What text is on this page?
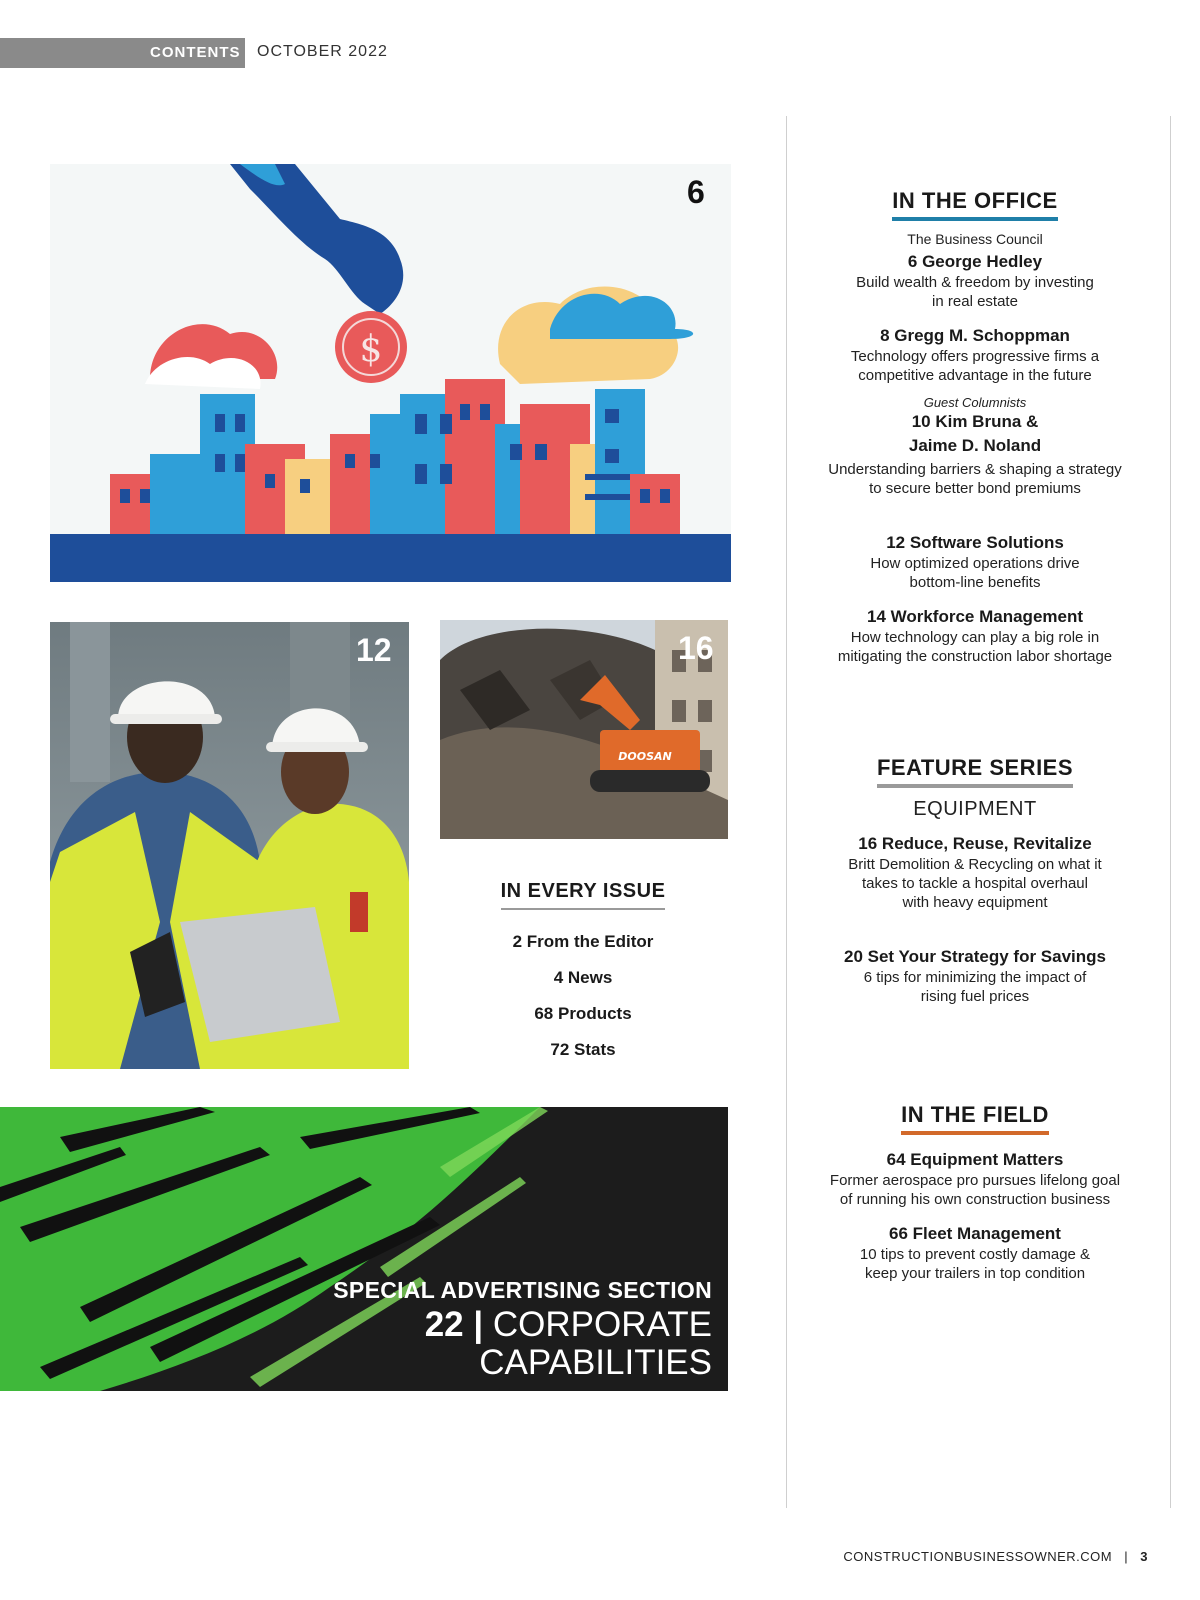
CONTENTS OCTOBER 2022
$
6
12
DOOSAN
16
IN EVERY ISSUE
2 From the Editor
4 News
68 Products
72 Stats
SPECIAL ADVERTISING SECTION
22 | CORPORATE
CAPABILITIES
IN THE OFFICE
The Business Council
6 George Hedley
Build wealth & freedom by investing
in real estate
8 Gregg M. Schoppman
Technology offers progressive firms a
competitive advantage in the future
Guest Columnists
10 Kim Bruna &
Jaime D. Noland
Understanding barriers & shaping a strategy
to secure better bond premiums
12 Software Solutions
How optimized operations drive
bottom-line benefits
14 Workforce Management
How technology can play a big role in
mitigating the construction labor shortage
FEATURE SERIES
EQUIPMENT
16 Reduce, Reuse, Revitalize
Britt Demolition & Recycling on what it
takes to tackle a hospital overhaul
with heavy equipment
20 Set Your Strategy for Savings
6 tips for minimizing the impact of
rising fuel prices
IN THE FIELD
64 Equipment Matters
Former aerospace pro pursues lifelong goal
of running his own construction business
66 Fleet Management
10 tips to prevent costly damage &
keep your trailers in top condition
CONSTRUCTIONBUSINESSOWNER.COM | 3
